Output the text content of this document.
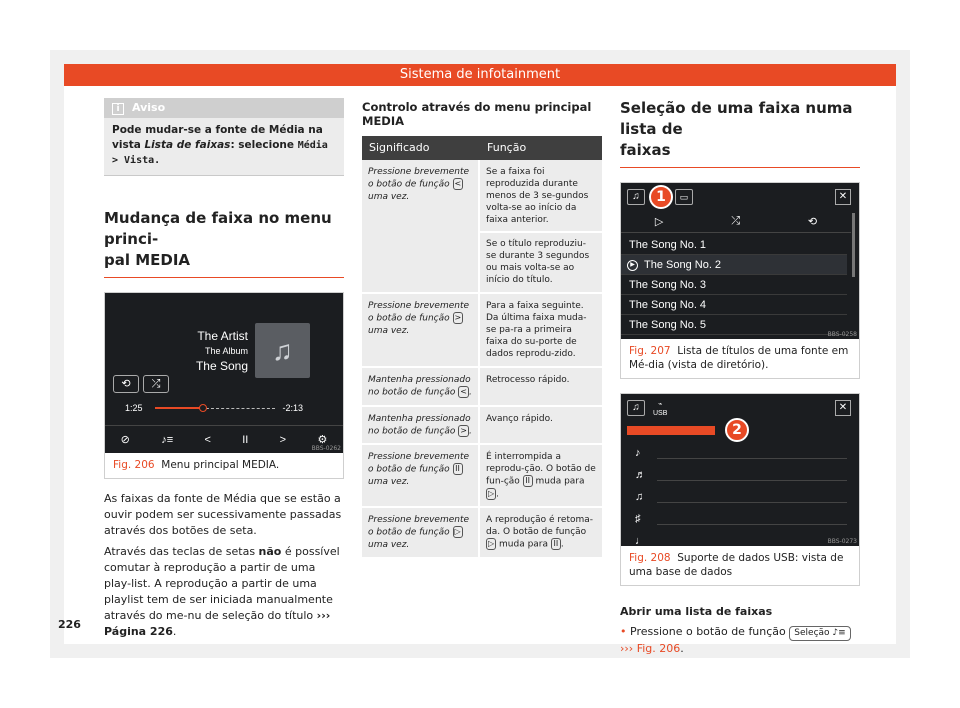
Sistema de infotainment
i Aviso
Pode mudar-se a fonte de Média na vista Lista de faixas: selecione Média > Vista.
Mudança de faixa no menu princi-
pal MEDIA
The Artist
The Album
The Song ♫
⟲	⤮
1:25	-2:13
⊘	♪≡	<	II	>	⚙
BBS-0262
Fig. 206 Menu principal MEDIA.

As faixas da fonte de Média que se estão a ouvir podem ser sucessivamente passadas através dos botões de seta.

Através das teclas de setas não é possível comutar à reprodução a partir de uma play-list. A reprodução a partir de uma playlist tem de ser iniciada manualmente através do me-nu de seleção do título ››› Página 226.

Controlo através do menu principal MEDIA
Significado	Função
Pressione brevemente o botão de função < uma vez.	Se a faixa foi reproduzida durante menos de 3 se-gundos volta-se ao início da faixa anterior.
Se o título reproduziu-se durante 3 segundos ou mais volta-se ao início do título.

Pressione brevemente o botão de função > uma vez.	Para a faixa seguinte. Da última faixa muda-se pa-ra a primeira faixa do su-porte de dados reprodu-zido.

Mantenha pressionado no botão de função < .	Retrocesso rápido.

Mantenha pressionado no botão de função > .	Avanço rápido.

Pressione brevemente o botão de função II uma vez.	É interrompida a reprodu-ção. O botão de fun-ção II muda para ▷ .
Pressione brevemente o botão de função ▷ uma vez.	A reprodução é retoma-da. O botão de função ▷ muda para II .
Seleção de uma faixa numa lista de
faixas
♫	▭	✕
▷	⤮	⟲
The Song No. 1
▶ The Song No. 2
The Song No. 3
The Song No. 4
The Song No. 5
1
BBS-0258
Fig. 207 Lista de títulos de uma fonte em Mé-dia (vista de diretório).
♫	⌁
USB
✕
♪
♬
♫
♯
♩
2
BBS-0273
Fig. 208 Suporte de dados USB: vista de uma base de dados
Abrir uma lista de faixas
• Pressione o botão de função Seleção ♪≡
››› Fig. 206.
226
